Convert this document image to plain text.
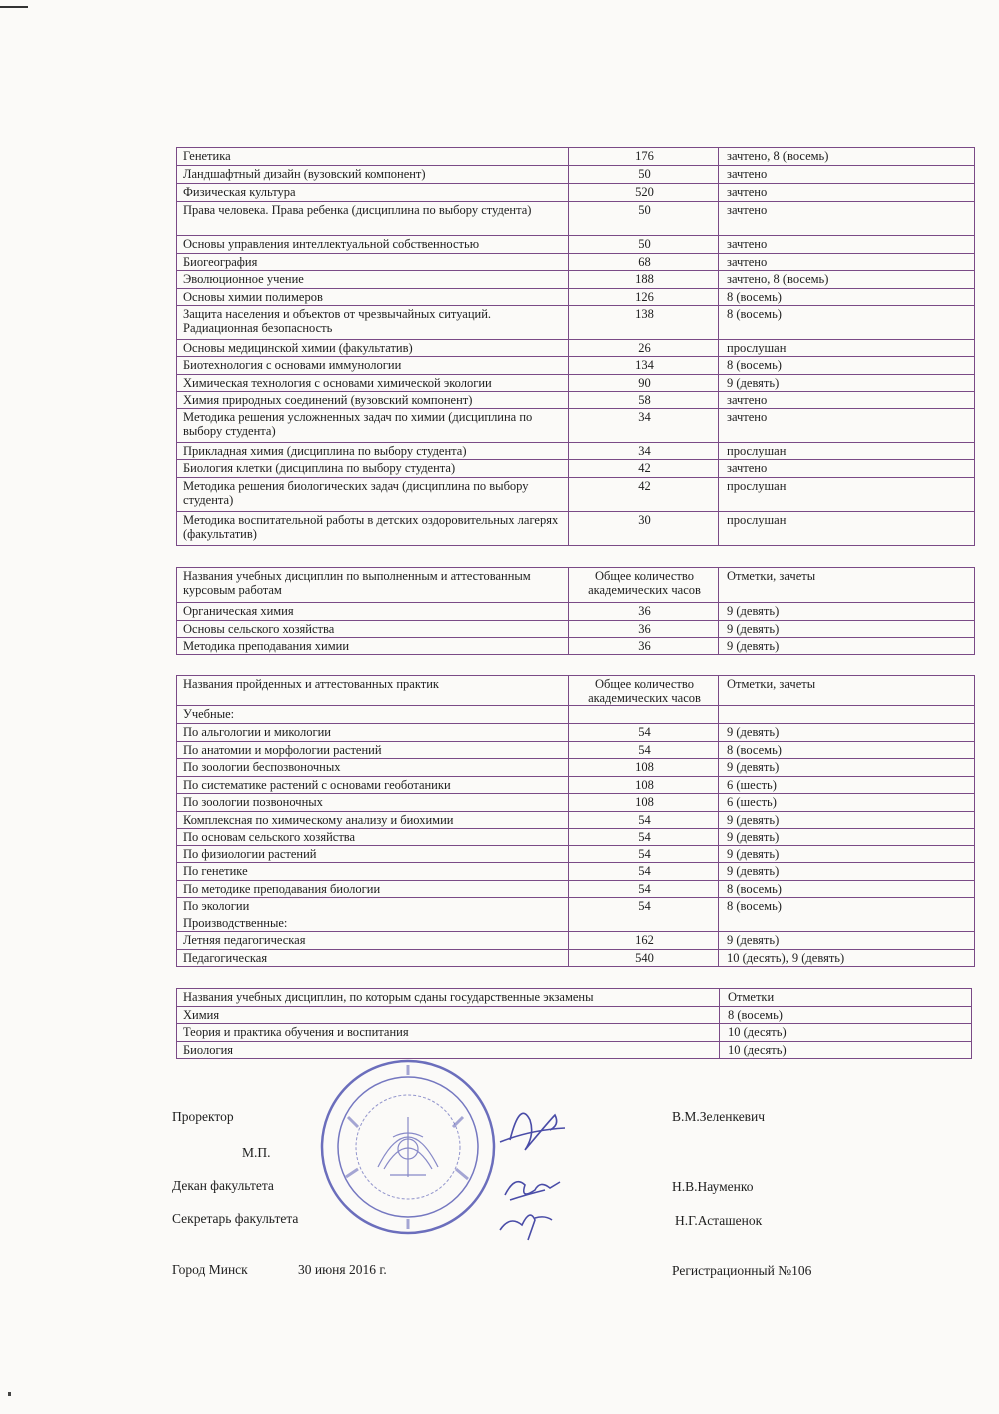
Генетика	176	зачтено, 8 (восемь)
Ландшафтный дизайн (вузовский компонент)	50	зачтено
Физическая культура	520	зачтено
Права человека. Права ребенка (дисциплина по выбору студента)	50	зачтено
Основы управления интеллектуальной собственностью	50	зачтено
Биогеография	68	зачтено
Эволюционное учение	188	зачтено, 8 (восемь)
Основы химии полимеров	126	8 (восемь)
Защита населения и объектов от чрезвычайных ситуаций. Радиационная безопасность	138	8 (восемь)
Основы медицинской химии (факультатив)	26	прослушан
Биотехнология с основами иммунологии	134	8 (восемь)
Химическая технология с основами химической экологии	90	9 (девять)
Химия природных соединений (вузовский компонент)	58	зачтено
Методика решения усложненных задач по химии (дисциплина по выбору студента)	34	зачтено
Прикладная химия (дисциплина по выбору студента)	34	прослушан
Биология клетки (дисциплина по выбору студента)	42	зачтено
Методика решения биологических задач (дисциплина по выбору студента)	42	прослушан
Методика воспитательной работы в детских оздоровительных лагерях (факультатив)	30	прослушан
Названия учебных дисциплин по выполненным и аттестованным курсовым работам	Общее количество академических часов	Отметки, зачеты
Органическая химия	36	9 (девять)
Основы сельского хозяйства	36	9 (девять)
Методика преподавания химии	36	9 (девять)
Названия пройденных и аттестованных практик	Общее количество академических часов	Отметки, зачеты
Учебные:		
По альгологии и микологии	54	9 (девять)
По анатомии и морфологии растений	54	8 (восемь)
По зоологии беспозвоночных	108	9 (девять)
По систематике растений с основами геоботаники	108	6 (шесть)
По зоологии позвоночных	108	6 (шесть)
Комплексная по химическому анализу и биохимии	54	9 (девять)
По основам сельского хозяйства	54	9 (девять)
По физиологии растений	54	9 (девять)
По генетике	54	9 (девять)
По методике преподавания биологии	54	8 (восемь)
По экологии	54	8 (восемь)
Производственные:		
Летняя педагогическая	162	9 (девять)
Педагогическая	540	10 (десять), 9 (девять)
Названия учебных дисциплин, по которым сданы государственные экзамены	Отметки
Химия	8 (восемь)
Теория и практика обучения и воспитания	10 (десять)
Биология	10 (десять)
Проректор	В.М.Зеленкевич
М.П.
Декан факультета	Н.В.Науменко
Секретарь факультета	Н.Г.Асташенок
Город Минск	30 июня 2016 г.	Регистрационный №106
